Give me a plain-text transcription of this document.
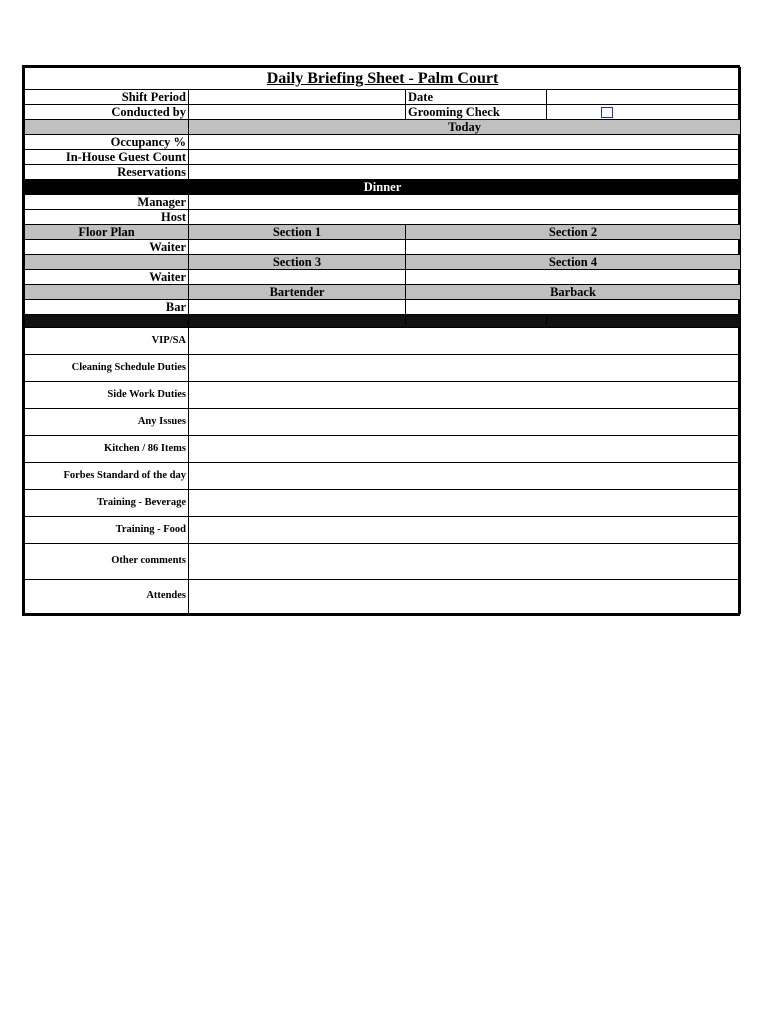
Daily Briefing Sheet - Palm Court			
Shift Period		Date	
Conducted by		Grooming Check	
	Today		
Occupancy %			
In-House Guest Count			
Reservations			
Dinner			
Manager			
Host			
Floor Plan	Section 1	Section 2	
Waiter			
	Section 3	Section 4	
Waiter			
	Bartender	Barback	
Bar			

VIP/SA			
Cleaning Schedule Duties			
Side Work Duties			
Any Issues			
Kitchen / 86 Items			
Forbes Standard of the day			
Training - Beverage			
Training - Food			
Other comments			
Attendes			
